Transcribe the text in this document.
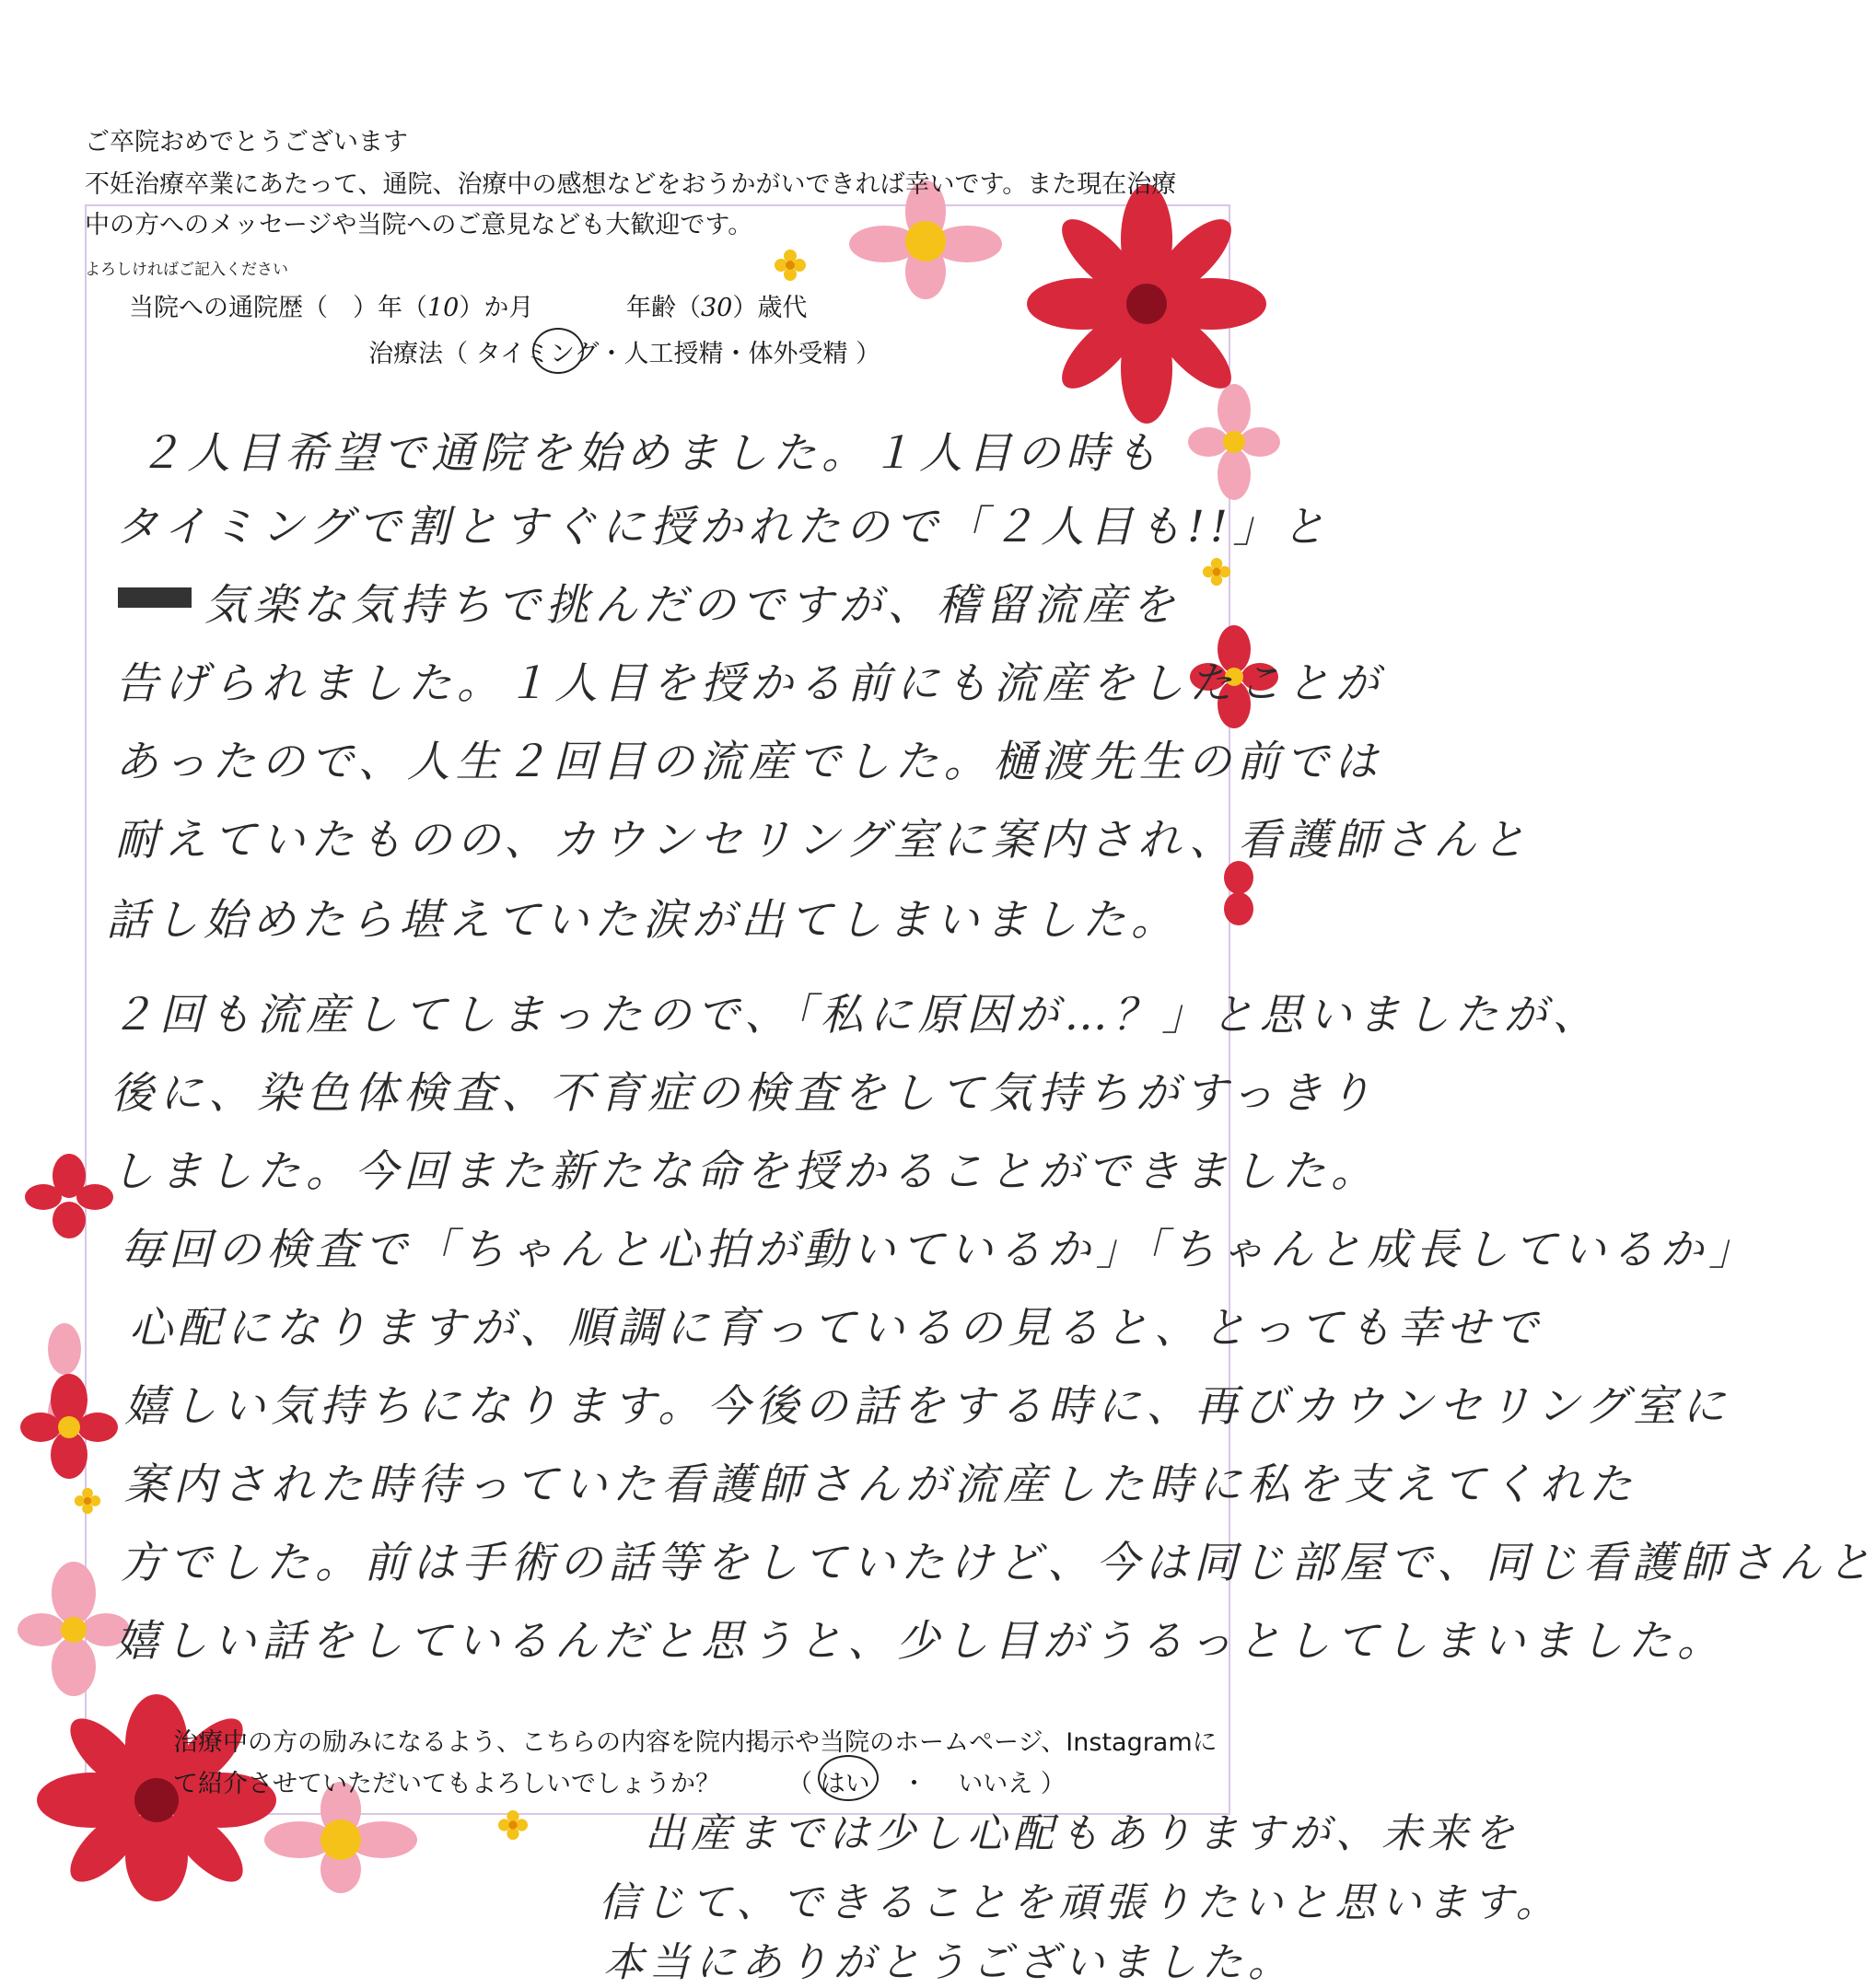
ご卒院おめでとうございます
不妊治療卒業にあたって、通院、治療中の感想などをおうかがいできれば幸いです。また現在治療
中の方へのメッセージや当院へのご意見なども大歓迎です。
よろしければご記入ください
当院への通院歴（　）年（10）か月	年齢（30）歳代
治療法（ タイミング・人工授精・体外受精 ）
２人目希望で通院を始めました。１人目の時も
タイミングで割とすぐに授かれたので「２人目も!!」と
気楽な気持ちで挑んだのですが、稽留流産を
告げられました。１人目を授かる前にも流産をしたことが
あったので、人生２回目の流産でした。樋渡先生の前では
耐えていたものの、カウンセリング室に案内され、看護師さんと
話し始めたら堪えていた涙が出てしまいました。
２回も流産してしまったので、「私に原因が…？」と思いましたが、
後に、染色体検査、不育症の検査をして気持ちがすっきり
しました。今回また新たな命を授かることができました。
毎回の検査で「ちゃんと心拍が動いているか」「ちゃんと成長しているか」
心配になりますが、順調に育っているの見ると、とっても幸せで
嬉しい気持ちになります。今後の話をする時に、再びカウンセリング室に
案内された時待っていた看護師さんが流産した時に私を支えてくれた
方でした。前は手術の話等をしていたけど、今は同じ部屋で、同じ看護師さんと
嬉しい話をしているんだと思うと、少し目がうるっとしてしまいました。
治療中の方の励みになるよう、こちらの内容を院内掲示や当院のホームページ、Instagramに
て紹介させていただいてもよろしいでしょうか？	（ はい ・ いいえ ）
出産までは少し心配もありますが、未来を
信じて、できることを頑張りたいと思います。
本当にありがとうございました。
